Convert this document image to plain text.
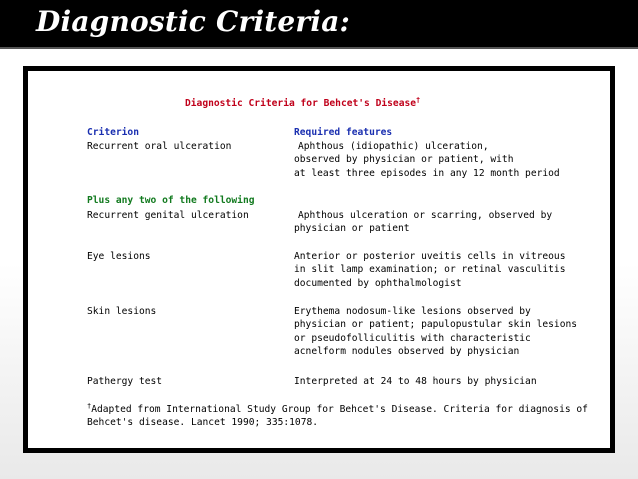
Diagnostic Criteria:
Diagnostic Criteria for Behcet's Disease†
Criterion	Required features
Recurrent oral ulceration	Aphthous (idiopathic) ulceration,
observed by physician or patient, with
at least three episodes in any 12 month period
Plus any two of the following
Recurrent genital ulceration	Aphthous ulceration or scarring, observed by
physician or patient
Eye lesions	Anterior or posterior uveitis cells in vitreous
in slit lamp examination; or retinal vasculitis
documented by ophthalmologist
Skin lesions	Erythema nodosum-like lesions observed by
physician or patient; papulopustular skin lesions
or pseudofolliculitis with characteristic
acnelform nodules observed by physician
Pathergy test	Interpreted at 24 to 48 hours by physician
†Adapted from International Study Group for Behcet's Disease. Criteria for diagnosis of
Behcet's disease. Lancet 1990; 335:1078.
